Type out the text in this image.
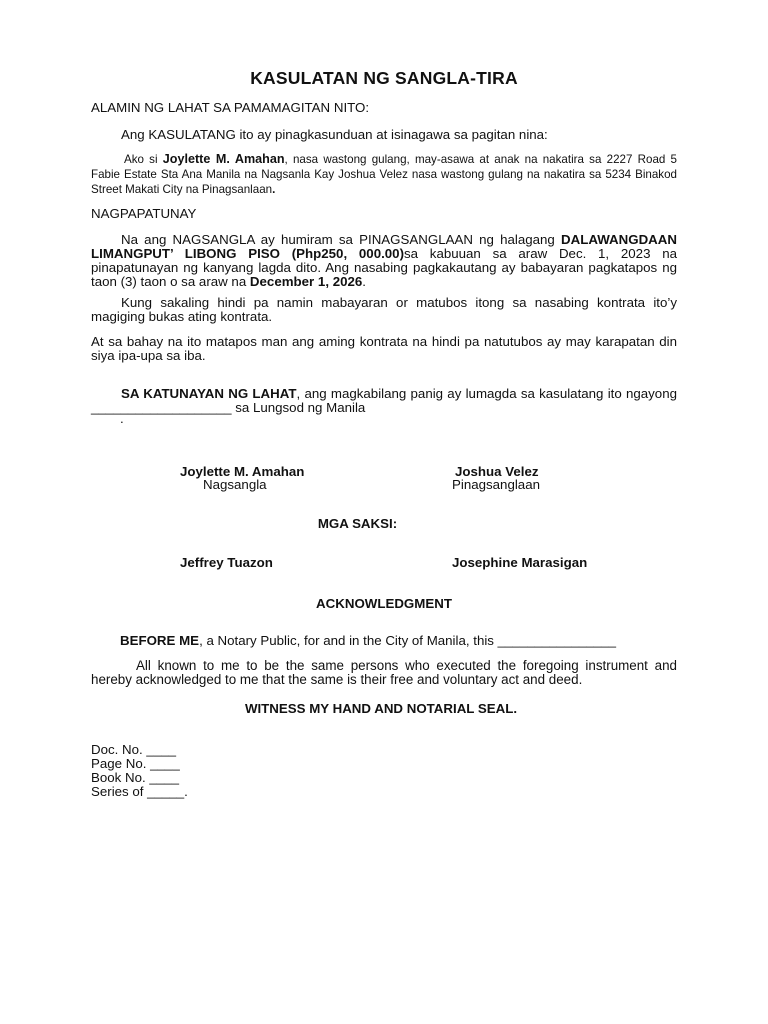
KASULATAN NG SANGLA-TIRA
ALAMIN NG LAHAT SA PAMAMAGITAN NITO:
Ang KASULATANG ito ay pinagkasunduan at isinagawa sa pagitan nina:
Ako si Joylette M. Amahan, nasa wastong gulang, may-asawa at anak na nakatira sa 2227 Road 5 Fabie Estate Sta Ana Manila na Nagsanla Kay Joshua Velez nasa wastong gulang na nakatira sa 5234 Binakod Street Makati City na Pinagsanlaan.
NAGPAPATUNAY
Na ang NAGSANGLA ay humiram sa PINAGSANGLAAN ng halagang DALAWANGDAAN LIMANGPUT’ LIBONG PISO (Php250, 000.00)sa kabuuan sa araw Dec. 1, 2023 na pinapatunayan ng kanyang lagda dito. Ang nasabing pagkakautang ay babayaran pagkatapos ng taon (3) taon o sa araw na December 1, 2026.
Kung sakaling hindi pa namin mabayaran or matubos itong sa nasabing kontrata ito’y magiging bukas ating kontrata.
At sa bahay na ito matapos man ang aming kontrata na hindi pa natutubos ay may karapatan din siya ipa-upa sa iba.
SA KATUNAYAN NG LAHAT, ang magkabilang panig ay lumagda sa kasulatang ito ngayong ___________________ sa Lungsod ng Manila
.
Joylette M. Amahan
Nagsangla
Joshua Velez
Pinagsanglaan
MGA SAKSI:
Jeffrey Tuazon	Josephine Marasigan
ACKNOWLEDGMENT
BEFORE ME, a Notary Public, for and in the City of Manila, this ________________
All known to me to be the same persons who executed the foregoing instrument and hereby acknowledged to me that the same is their free and voluntary act and deed.
WITNESS MY HAND AND NOTARIAL SEAL.
Doc. No. ____
Page No. ____
Book No. ____
Series of _____.
